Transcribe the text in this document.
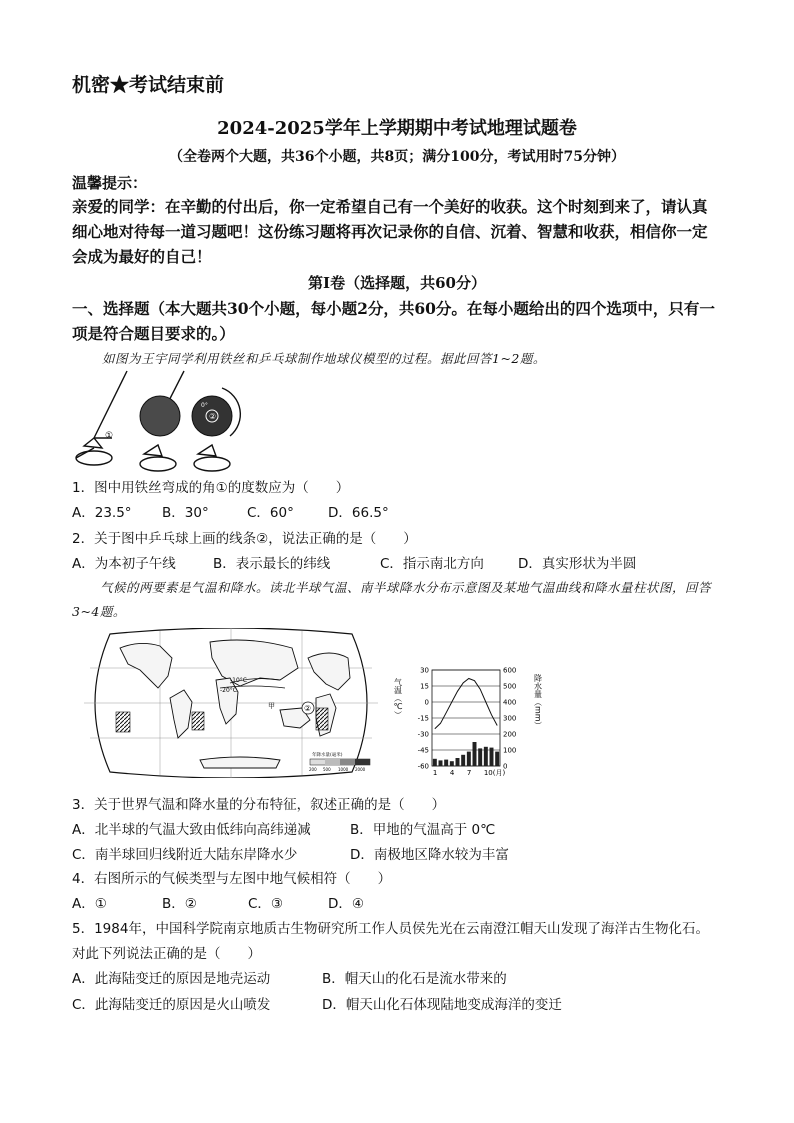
机密★考试结束前
2024-2025学年上学期期中考试地理试题卷
（全卷两个大题，共36个小题，共8页；满分100分，考试用时75分钟）
温馨提示：
亲爱的同学：在辛勤的付出后，你一定希望自己有一个美好的收获。这个时刻到来了，请认真细心地对待每一道习题吧！这份练习题将再次记录你的自信、沉着、智慧和收获，相信你一定会成为最好的自己！
第Ⅰ卷（选择题，共60分）
一、选择题（本大题共30个小题，每小题2分，共60分。在每小题给出的四个选项中，只有一项是符合题目要求的。）
如图为王宇同学利用铁丝和乒乓球制作地球仪模型的过程。据此回答1~2题。
①
②
0°
1．图中用铁丝弯成的角①的度数应为（　　）
A．23.5° B．30°	C．60°	D．66.5°
2．关于图中乒乓球上画的线条②，说法正确的是（　　）
A．为本初子午线	B．表示最长的纬线	C．指示南北方向	D．真实形状为半圆
气候的两要素是气温和降水。读北半球气温、南半球降水分布示意图及某地气温曲线和降水量柱状图，回答3~4题。
-10°C
-20°C
甲	②
年降水量(毫米)
200 500 1000 2000
气温（℃）	降水量（mm）
30
15
0
-15
-30
-45
-60
600
500
400
300
200
100
0
1 4 7 10(月)
3．关于世界气温和降水量的分布特征，叙述正确的是（　　）
A．北半球的气温大致由低纬向高纬递减	B．甲地的气温高于 0℃
C．南半球回归线附近大陆东岸降水少	D．南极地区降水较为丰富
4．右图所示的气候类型与左图中地气候相符（　　）
A．①	B．②	C．③	D．④
5．1984年，中国科学院南京地质古生物研究所工作人员侯先光在云南澄江帽天山发现了海洋古生物化石。对此下列说法正确的是（　　）
A．此海陆变迁的原因是地壳运动	B．帽天山的化石是流水带来的
C．此海陆变迁的原因是火山喷发	D．帽天山化石体现陆地变成海洋的变迁
